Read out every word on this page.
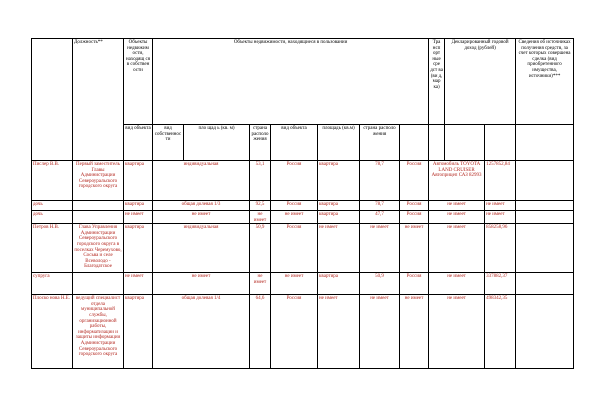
	Должность**	Объекты недвижим ости, находящ ся в собствен ости	Объекты недвижимости, находящиеся в пользовании							Тра нсп орт ные сре дст ва (ви д, мар ка)	Декларированный годовой доход (рублей)		Сведения об источниках получения средств, за счет которых совершена сделка (вид приобретенного имущества, источники)***
		вид объекта	вид собственности	пло щад ь (кв. м)	страна расположения	вид объекта	площадь (кв.м)	страна располо жения					
Пислер В.В.	Первый заместитель Главы Администрации Североуральского городского округа	квартира	индивидуальная		53,1	Россия	квартира	78,7	Россия	Автомобиль TOYOTA LAND CRUISER Автоприцеп САЗ 82993		1257852,84	
дочь		квартира	общая долевая 1/3		92,5	Россия	квартира	78,7	Россия	не имеет		не имеет	
дочь		не имеет	не имеет		не имеет	не имеет	квартира	47,7	Россия	не имеет		не имеет	
Петров Н.В.	Глава Управления Администрации Североуральского городского округа в поселках Черемухово, Сосьва и селе Всеволодо - Благодатское	квартира	индивидуальная		50,9	Россия	не имеет	не имеет	не имеет	не имеет		858258,96	
супруга		не имеет	не имеет		не имеет	не имеет	квартира	50,9	Россия	не имеет		337882,37	
Плоско нова Н.Е.	ведущий специалист отдела муниципальной службы, организационной работы, информатизации и защиты информации Администрации Североуральского городского округа	квартира	общая долевая 1/4		64,6	Россия	не имеет	не имеет	не имеет	не имеет		498342,35	
